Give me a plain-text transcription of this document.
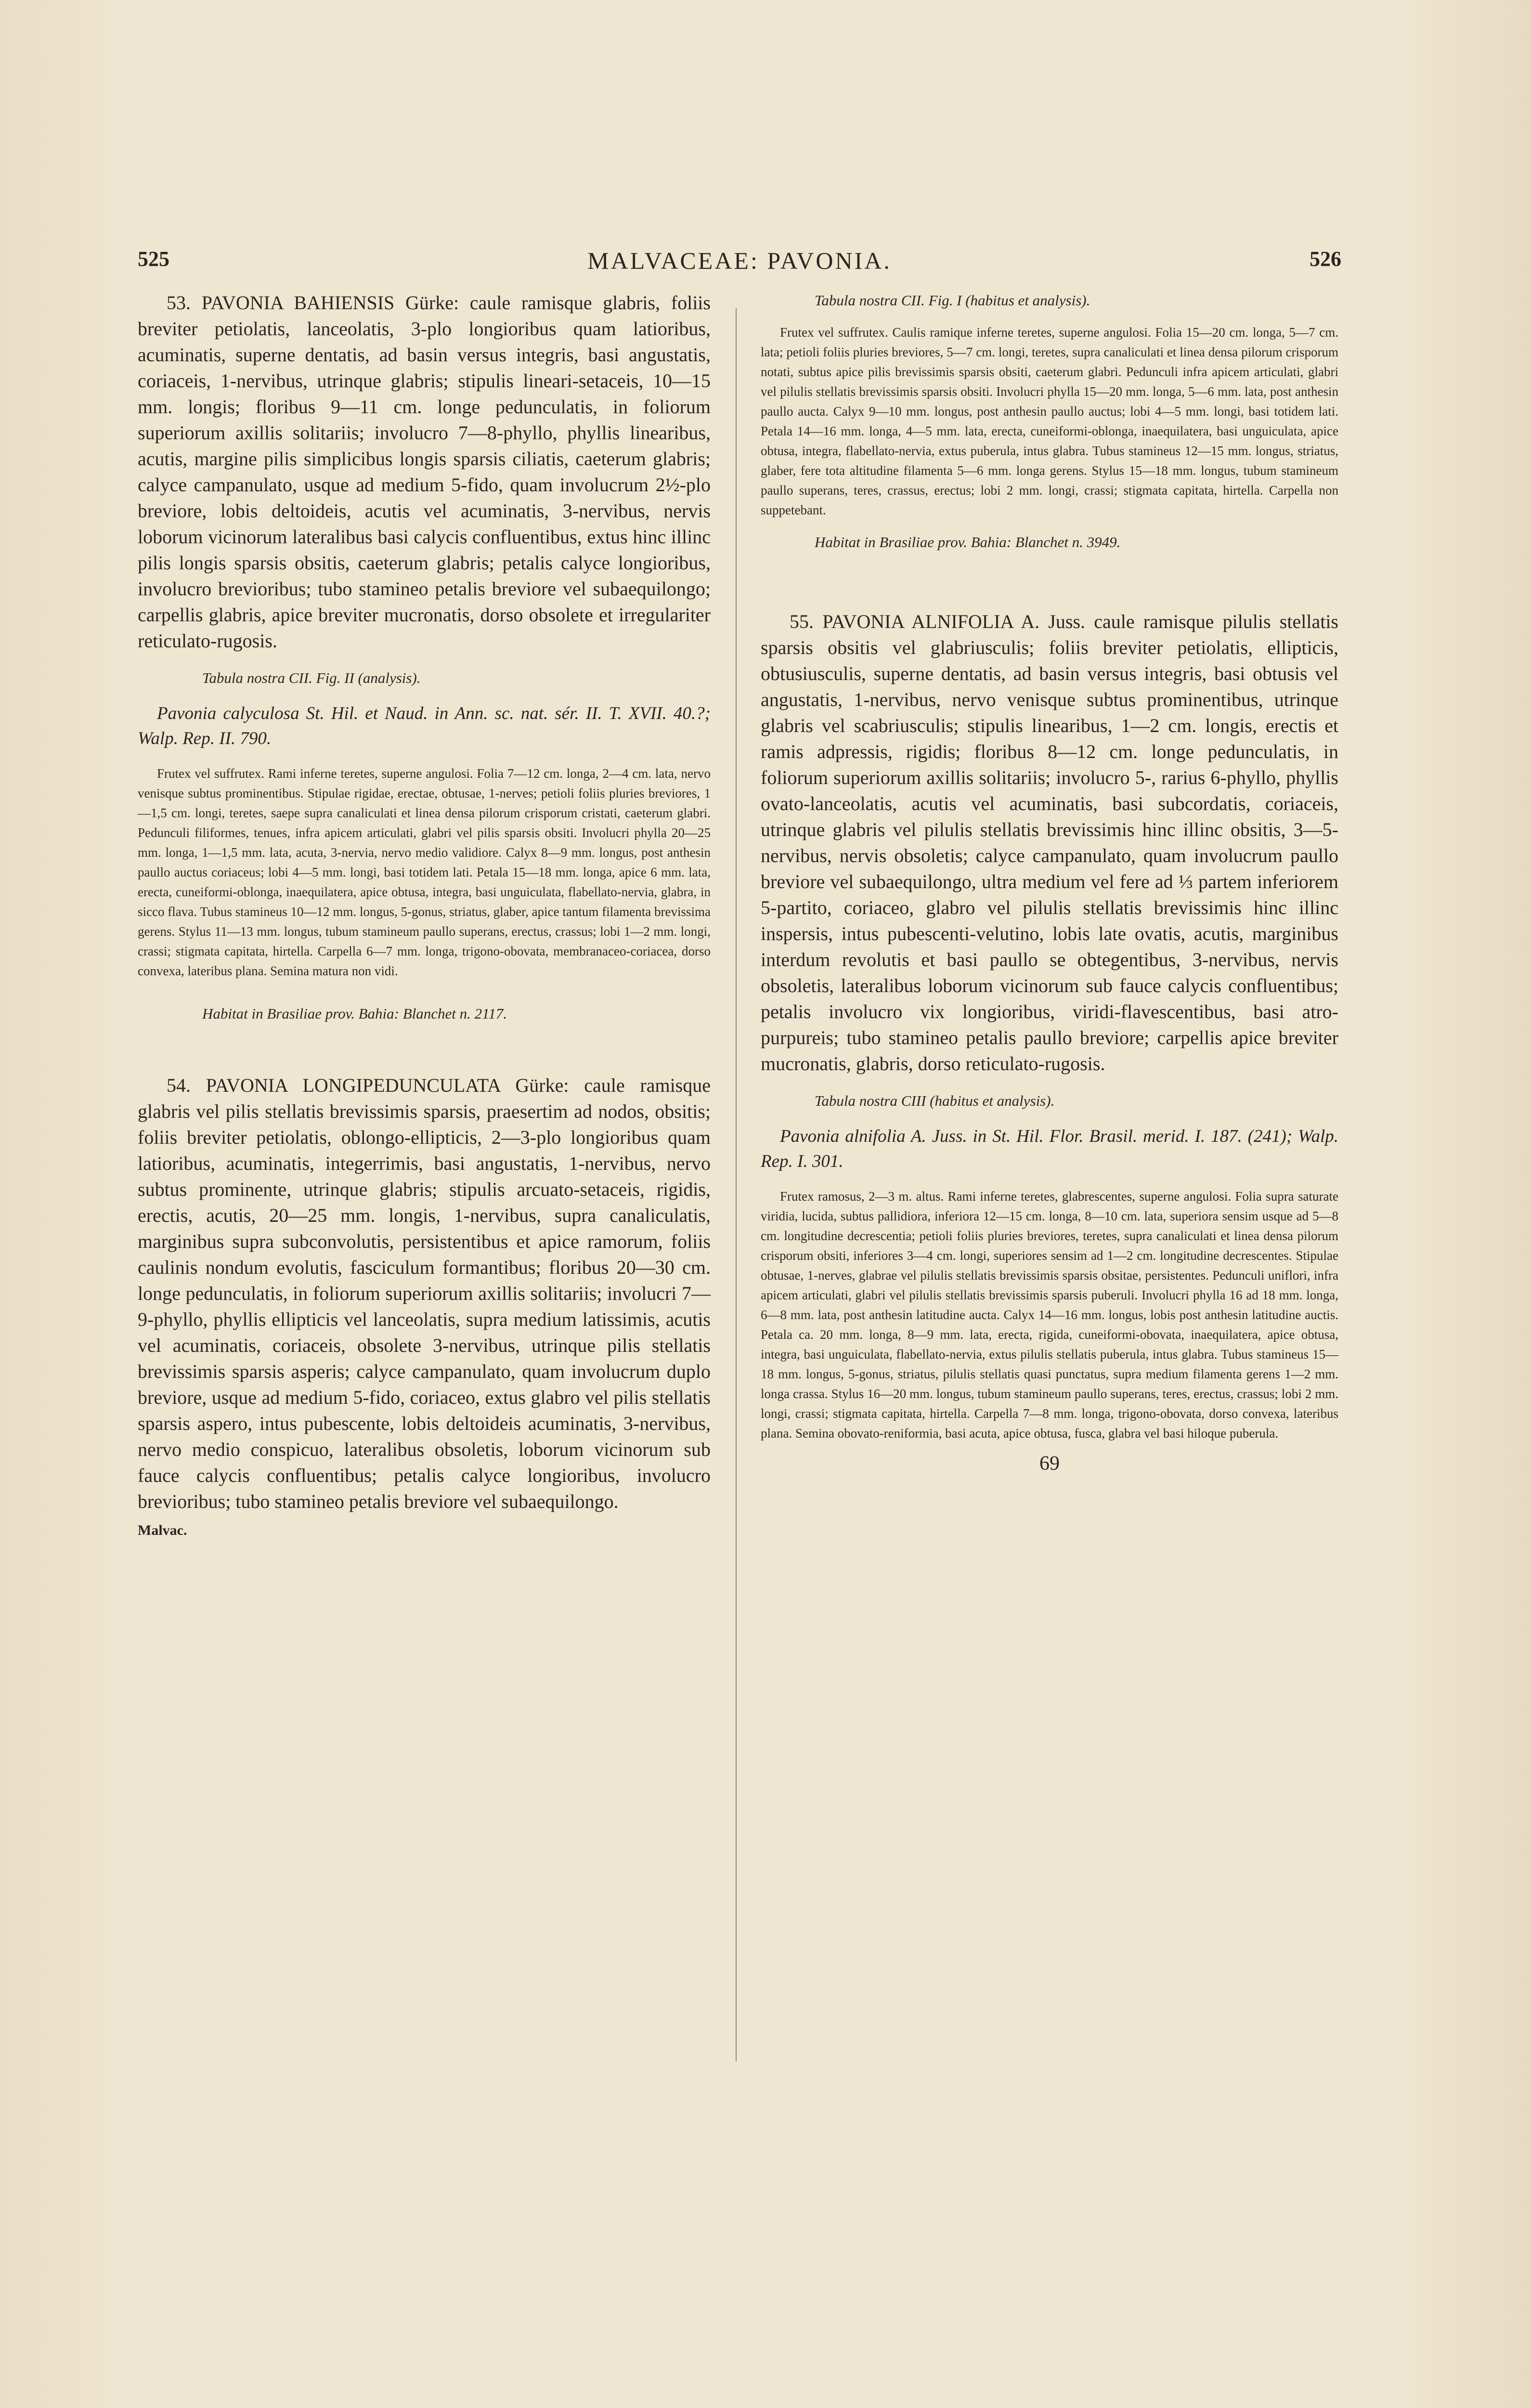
525	MALVACEAE: PAVONIA.	526

53. PAVONIA BAHIENSIS Gürke: caule ramisque glabris, foliis breviter petiolatis, lanceolatis, 3-plo longioribus quam latioribus, acuminatis, superne dentatis, ad basin versus integris, basi angustatis, coriaceis, 1-nervibus, utrinque glabris; stipulis lineari-setaceis, 10—15 mm. longis; floribus 9—11 cm. longe pedunculatis, in foliorum superiorum axillis solitariis; involucro 7—8-phyllo, phyllis linearibus, acutis, margine pilis simplicibus longis sparsis ciliatis, caeterum glabris; calyce campanulato, usque ad medium 5-fido, quam involucrum 2½-plo breviore, lobis deltoideis, acutis vel acuminatis, 3-nervibus, nervis loborum vicinorum lateralibus basi calycis confluentibus, extus hinc illinc pilis longis sparsis obsitis, caeterum glabris; petalis calyce longioribus, involucro brevioribus; tubo stamineo petalis breviore vel subaequilongo; carpellis glabris, apice breviter mucronatis, dorso obsolete et irregulariter reticulato-rugosis.

Tabula nostra CII. Fig. II (analysis).

Pavonia calyculosa St. Hil. et Naud. in Ann. sc. nat. sér. II. T. XVII. 40.?; Walp. Rep. II. 790.

Frutex vel suffrutex. Rami inferne teretes, superne angulosi. Folia 7—12 cm. longa, 2—4 cm. lata, nervo venisque subtus prominentibus. Stipulae rigidae, erectae, obtusae, 1-nerves; petioli foliis pluries breviores, 1—1,5 cm. longi, teretes, saepe supra canaliculati et linea densa pilorum crisporum cristati, caeterum glabri. Pedunculi filiformes, tenues, infra apicem articulati, glabri vel pilis sparsis obsiti. Involucri phylla 20—25 mm. longa, 1—1,5 mm. lata, acuta, 3-nervia, nervo medio validiore. Calyx 8—9 mm. longus, post anthesin paullo auctus coriaceus; lobi 4—5 mm. longi, basi totidem lati. Petala 15—18 mm. longa, apice 6 mm. lata, erecta, cuneiformi-oblonga, inaequilatera, apice obtusa, integra, basi unguiculata, flabellato-nervia, glabra, in sicco flava. Tubus stamineus 10—12 mm. longus, 5-gonus, striatus, glaber, apice tantum filamenta brevissima gerens. Stylus 11—13 mm. longus, tubum stamineum paullo superans, erectus, crassus; lobi 1—2 mm. longi, crassi; stigmata capitata, hirtella. Carpella 6—7 mm. longa, trigono-obovata, membranaceo-coriacea, dorso convexa, lateribus plana. Semina matura non vidi.

Habitat in Brasiliae prov. Bahia: Blanchet n. 2117.

54. PAVONIA LONGIPEDUNCULATA Gürke: caule ramisque glabris vel pilis stellatis brevissimis sparsis, praesertim ad nodos, obsitis; foliis breviter petiolatis, oblongo-ellipticis, 2—3-plo longioribus quam latioribus, acuminatis, integerrimis, basi angustatis, 1-nervibus, nervo subtus prominente, utrinque glabris; stipulis arcuato-setaceis, rigidis, erectis, acutis, 20—25 mm. longis, 1-nervibus, supra canaliculatis, marginibus supra subconvolutis, persistentibus et apice ramorum, foliis caulinis nondum evolutis, fasciculum formantibus; floribus 20—30 cm. longe pedunculatis, in foliorum superiorum axillis solitariis; involucri 7—9-phyllo, phyllis ellipticis vel lanceolatis, supra medium latissimis, acutis vel acuminatis, coriaceis, obsolete 3-nervibus, utrinque pilis stellatis brevissimis sparsis asperis; calyce campanulato, quam involucrum duplo breviore, usque ad medium 5-fido, coriaceo, extus glabro vel pilis stellatis sparsis aspero, intus pubescente, lobis deltoideis acuminatis, 3-nervibus, nervo medio conspicuo, lateralibus obsoletis, loborum vicinorum sub fauce calycis confluentibus; petalis calyce longioribus, involucro brevioribus; tubo stamineo petalis breviore vel subaequilongo.

Malvac.

Tabula nostra CII. Fig. I (habitus et analysis).

Frutex vel suffrutex. Caulis ramique inferne teretes, superne angulosi. Folia 15—20 cm. longa, 5—7 cm. lata; petioli foliis pluries breviores, 5—7 cm. longi, teretes, supra canaliculati et linea densa pilorum crisporum notati, subtus apice pilis brevissimis sparsis obsiti, caeterum glabri. Pedunculi infra apicem articulati, glabri vel pilulis stellatis brevissimis sparsis obsiti. Involucri phylla 15—20 mm. longa, 5—6 mm. lata, post anthesin paullo aucta. Calyx 9—10 mm. longus, post anthesin paullo auctus; lobi 4—5 mm. longi, basi totidem lati. Petala 14—16 mm. longa, 4—5 mm. lata, erecta, cuneiformi-oblonga, inaequilatera, basi unguiculata, apice obtusa, integra, flabellato-nervia, extus puberula, intus glabra. Tubus stamineus 12—15 mm. longus, striatus, glaber, fere tota altitudine filamenta 5—6 mm. longa gerens. Stylus 15—18 mm. longus, tubum stamineum paullo superans, teres, crassus, erectus; lobi 2 mm. longi, crassi; stigmata capitata, hirtella. Carpella non suppetebant.

Habitat in Brasiliae prov. Bahia: Blanchet n. 3949.

55. PAVONIA ALNIFOLIA A. Juss. caule ramisque pilulis stellatis sparsis obsitis vel glabriusculis; foliis breviter petiolatis, ellipticis, obtusiusculis, superne dentatis, ad basin versus integris, basi obtusis vel angustatis, 1-nervibus, nervo venisque subtus prominentibus, utrinque glabris vel scabriusculis; stipulis linearibus, 1—2 cm. longis, erectis et ramis adpressis, rigidis; floribus 8—12 cm. longe pedunculatis, in foliorum superiorum axillis solitariis; involucro 5-, rarius 6-phyllo, phyllis ovato-lanceolatis, acutis vel acuminatis, basi subcordatis, coriaceis, utrinque glabris vel pilulis stellatis brevissimis hinc illinc obsitis, 3—5-nervibus, nervis obsoletis; calyce campanulato, quam involucrum paullo breviore vel subaequilongo, ultra medium vel fere ad ⅓ partem inferiorem 5-partito, coriaceo, glabro vel pilulis stellatis brevissimis hinc illinc inspersis, intus pubescenti-velutino, lobis late ovatis, acutis, marginibus interdum revolutis et basi paullo se obtegentibus, 3-nervibus, nervis obsoletis, lateralibus loborum vicinorum sub fauce calycis confluentibus; petalis involucro vix longioribus, viridi-flavescentibus, basi atro-purpureis; tubo stamineo petalis paullo breviore; carpellis apice breviter mucronatis, glabris, dorso reticulato-rugosis.

Tabula nostra CIII (habitus et analysis).

Pavonia alnifolia A. Juss. in St. Hil. Flor. Brasil. merid. I. 187. (241); Walp. Rep. I. 301.

Frutex ramosus, 2—3 m. altus. Rami inferne teretes, glabrescentes, superne angulosi. Folia supra saturate viridia, lucida, subtus pallidiora, inferiora 12—15 cm. longa, 8—10 cm. lata, superiora sensim usque ad 5—8 cm. longitudine decrescentia; petioli foliis pluries breviores, teretes, supra canaliculati et linea densa pilorum crisporum obsiti, inferiores 3—4 cm. longi, superiores sensim ad 1—2 cm. longitudine decrescentes. Stipulae obtusae, 1-nerves, glabrae vel pilulis stellatis brevissimis sparsis obsitae, persistentes. Pedunculi uniflori, infra apicem articulati, glabri vel pilulis stellatis brevissimis sparsis puberuli. Involucri phylla 16 ad 18 mm. longa, 6—8 mm. lata, post anthesin latitudine aucta. Calyx 14—16 mm. longus, lobis post anthesin latitudine auctis. Petala ca. 20 mm. longa, 8—9 mm. lata, erecta, rigida, cuneiformi-obovata, inaequilatera, apice obtusa, integra, basi unguiculata, flabellato-nervia, extus pilulis stellatis puberula, intus glabra. Tubus stamineus 15—18 mm. longus, 5-gonus, striatus, pilulis stellatis quasi punctatus, supra medium filamenta gerens 1—2 mm. longa crassa. Stylus 16—20 mm. longus, tubum stamineum paullo superans, teres, erectus, crassus; lobi 2 mm. longi, crassi; stigmata capitata, hirtella. Carpella 7—8 mm. longa, trigono-obovata, dorso convexa, lateribus plana. Semina obovato-reniformia, basi acuta, apice obtusa, fusca, glabra vel basi hiloque puberula.

69
